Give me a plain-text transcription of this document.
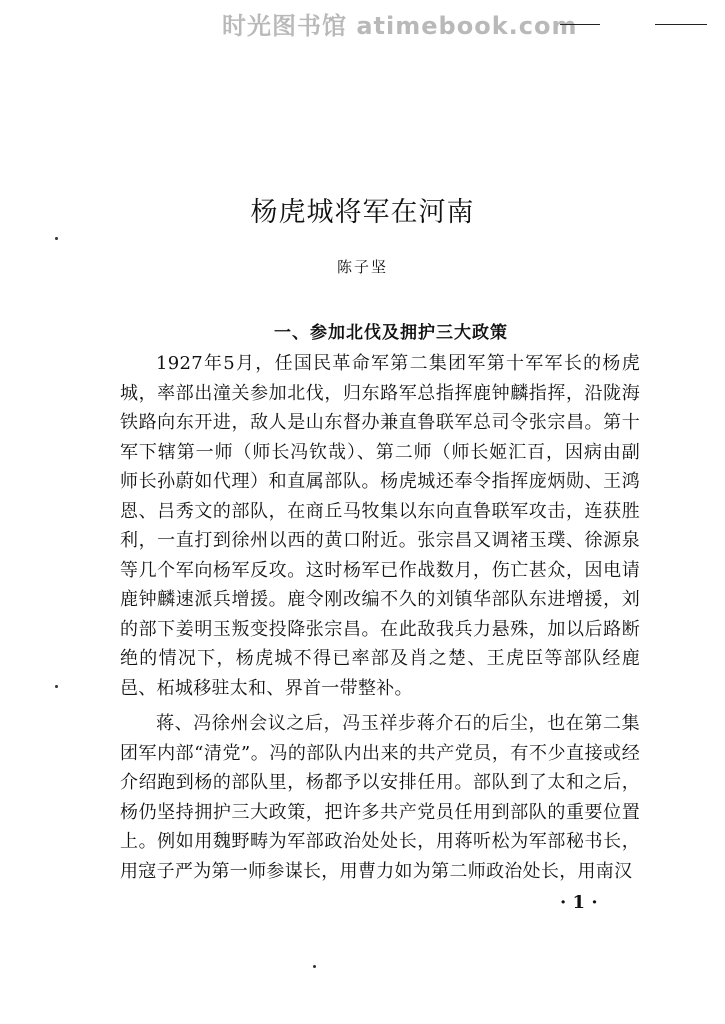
时光图书馆 atimebook.com
杨虎城将军在河南
陈子坚
一、参加北伐及拥护三大政策

1927年5月，任国民革命军第二集团军第十军军长的杨虎城，率部出潼关参加北伐，归东路军总指挥鹿钟麟指挥，沿陇海铁路向东开进，敌人是山东督办兼直鲁联军总司令张宗昌。第十军下辖第一师（师长冯钦哉）、第二师（师长姬汇百，因病由副师长孙蔚如代理）和直属部队。杨虎城还奉令指挥庞炳勋、王鸿恩、吕秀文的部队，在商丘马牧集以东向直鲁联军攻击，连获胜利，一直打到徐州以西的黄口附近。张宗昌又调褚玉璞、徐源泉等几个军向杨军反攻。这时杨军已作战数月，伤亡甚众，因电请鹿钟麟速派兵增援。鹿令刚改编不久的刘镇华部队东进增援，刘的部下姜明玉叛变投降张宗昌。在此敌我兵力悬殊，加以后路断绝的情况下，杨虎城不得已率部及肖之楚、王虎臣等部队经鹿邑、柘城移驻太和、界首一带整补。

蒋、冯徐州会议之后，冯玉祥步蒋介石的后尘，也在第二集团军内部“清党”。冯的部队内出来的共产党员，有不少直接或经介绍跑到杨的部队里，杨都予以安排任用。部队到了太和之后，杨仍坚持拥护三大政策，把许多共产党员任用到部队的重要位置上。例如用魏野畴为军部政治处处长，用蒋听松为军部秘书长，用寇子严为第一师参谋长，用曹力如为第二师政治处长，用南汉

· 1 ·
